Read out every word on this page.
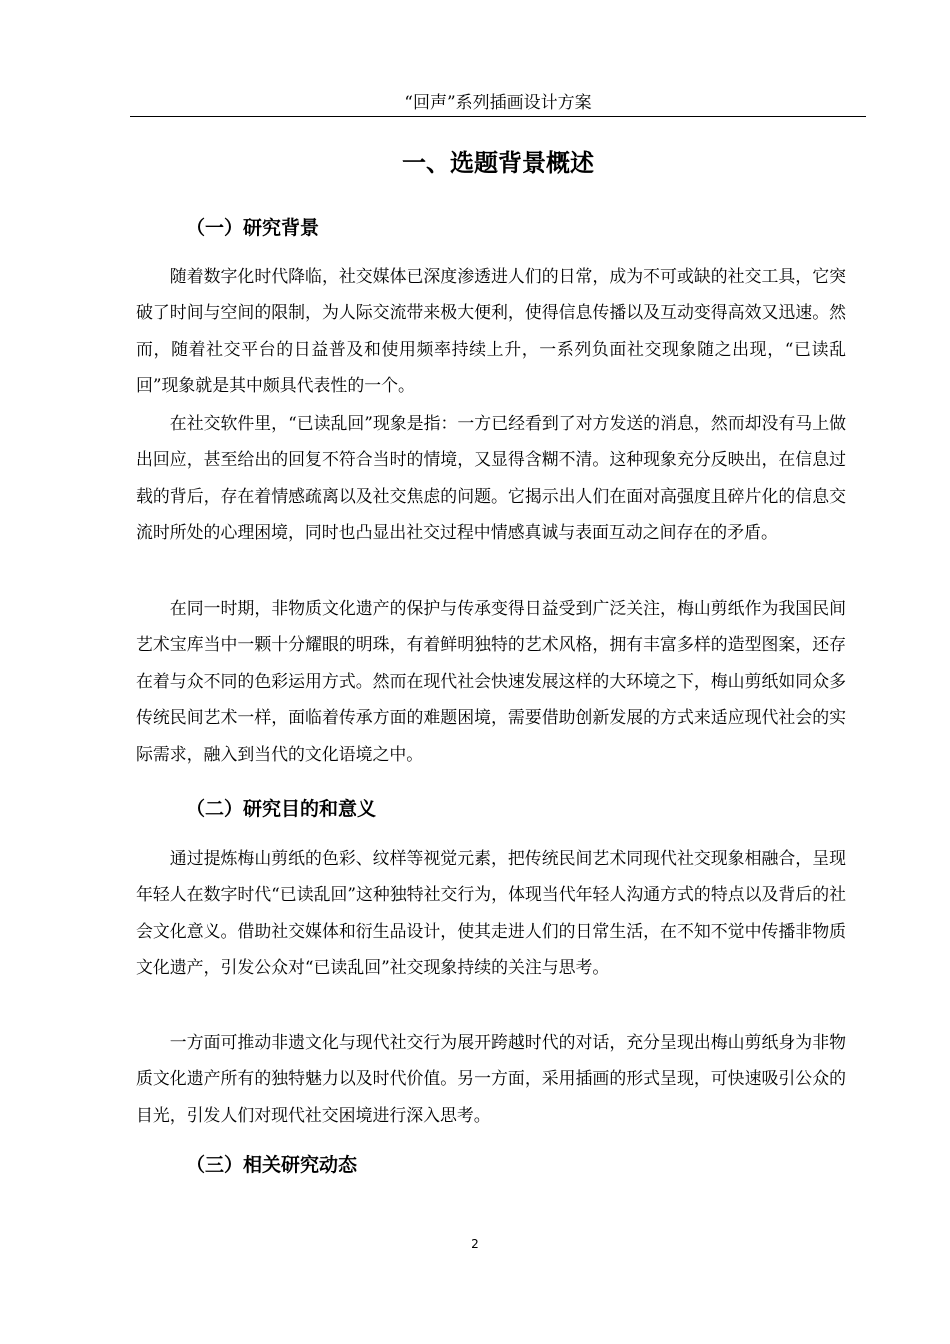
“回声”系列插画设计方案
一、选题背景概述
（一）研究背景

随着数字化时代降临，社交媒体已深度渗透进人们的日常，成为不可或缺的社交工具，它突破了时间与空间的限制，为人际交流带来极大便利，使得信息传播以及互动变得高效又迅速。然而，随着社交平台的日益普及和使用频率持续上升，一系列负面社交现象随之出现，“已读乱回”现象就是其中颇具代表性的一个。

在社交软件里，“已读乱回”现象是指：一方已经看到了对方发送的消息，然而却没有马上做出回应，甚至给出的回复不符合当时的情境，又显得含糊不清。这种现象充分反映出，在信息过载的背后，存在着情感疏离以及社交焦虑的问题。它揭示出人们在面对高强度且碎片化的信息交流时所处的心理困境，同时也凸显出社交过程中情感真诚与表面互动之间存在的矛盾。

在同一时期，非物质文化遗产的保护与传承变得日益受到广泛关注，梅山剪纸作为我国民间艺术宝库当中一颗十分耀眼的明珠，有着鲜明独特的艺术风格，拥有丰富多样的造型图案，还存在着与众不同的色彩运用方式。然而在现代社会快速发展这样的大环境之下，梅山剪纸如同众多传统民间艺术一样，面临着传承方面的难题困境，需要借助创新发展的方式来适应现代社会的实际需求，融入到当代的文化语境之中。

（二）研究目的和意义

通过提炼梅山剪纸的色彩、纹样等视觉元素，把传统民间艺术同现代社交现象相融合，呈现年轻人在数字时代“已读乱回”这种独特社交行为，体现当代年轻人沟通方式的特点以及背后的社会文化意义。借助社交媒体和衍生品设计，使其走进人们的日常生活，在不知不觉中传播非物质文化遗产，引发公众对“已读乱回”社交现象持续的关注与思考。

一方面可推动非遗文化与现代社交行为展开跨越时代的对话，充分呈现出梅山剪纸身为非物质文化遗产所有的独特魅力以及时代价值。另一方面，采用插画的形式呈现，可快速吸引公众的目光，引发人们对现代社交困境进行深入思考。

（三）相关研究动态
2
